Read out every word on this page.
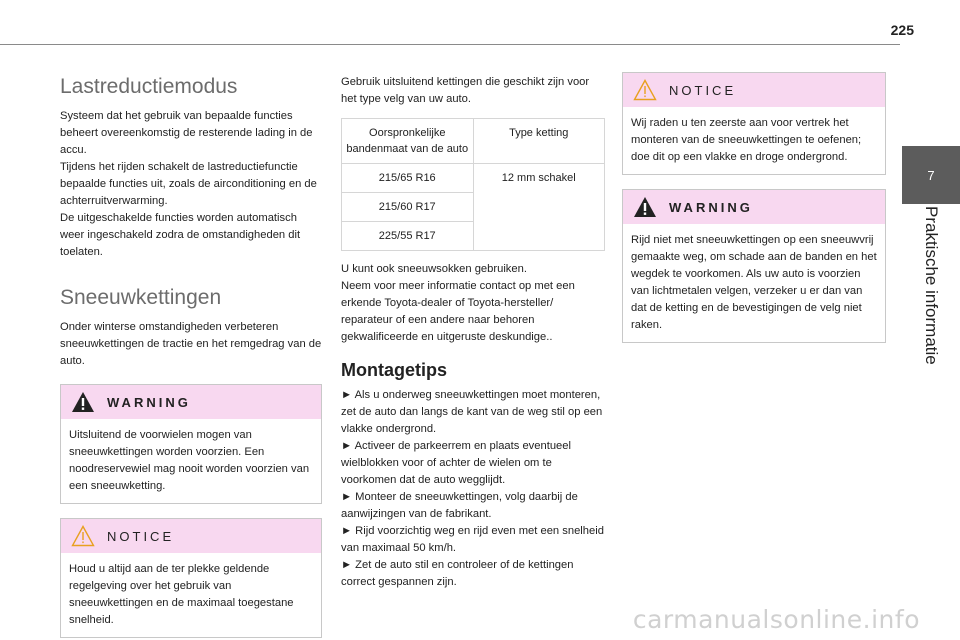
225
7
Praktische informatie
Lastreductiemodus

Systeem dat het gebruik van bepaalde functies beheert overeenkomstig de resterende lading in de accu.

Tijdens het rijden schakelt de lastreductiefunctie bepaalde functies uit, zoals de airconditioning en de achterruitverwarming.

De uitgeschakelde functies worden automatisch weer ingeschakeld zodra de omstandigheden dit toelaten.

Sneeuwkettingen

Onder winterse omstandigheden verbeteren sneeuwkettingen de tractie en het remgedrag van de auto.

WARNING

Uitsluitend de voorwielen mogen van sneeuwkettingen worden voorzien. Een noodreservewiel mag nooit worden voorzien van een sneeuwketting.

NOTICE

Houd u altijd aan de ter plekke geldende regelgeving over het gebruik van sneeuwkettingen en de maximaal toegestane snelheid.

Gebruik uitsluitend kettingen die geschikt zijn voor het type velg van uw auto.

Oorspronkelijke bandenmaat van de auto	Type ketting
215/65 R16	12 mm schakel
215/60 R17	
225/55 R17	

U kunt ook sneeuwsokken gebruiken.

Neem voor meer informatie contact op met een erkende Toyota-dealer of Toyota-hersteller/ reparateur of een andere naar behoren gekwalificeerde en uitgeruste deskundige..

Montagetips

► Als u onderweg sneeuwkettingen moet monteren, zet de auto dan langs de kant van de weg stil op een vlakke ondergrond.

► Activeer de parkeerrem en plaats eventueel wielblokken voor of achter de wielen om te voorkomen dat de auto wegglijdt.

► Monteer de sneeuwkettingen, volg daarbij de aanwijzingen van de fabrikant.

► Rijd voorzichtig weg en rijd even met een snelheid van maximaal 50 km/h.

► Zet de auto stil en controleer of de kettingen correct gespannen zijn.

NOTICE

Wij raden u ten zeerste aan voor vertrek het monteren van de sneeuwkettingen te oefenen; doe dit op een vlakke en droge ondergrond.

WARNING

Rijd niet met sneeuwkettingen op een sneeuwvrij gemaakte weg, om schade aan de banden en het wegdek te voorkomen. Als uw auto is voorzien van lichtmetalen velgen, verzeker u er dan van dat de ketting en de bevestigingen de velg niet raken.

carmanualsonline.info
